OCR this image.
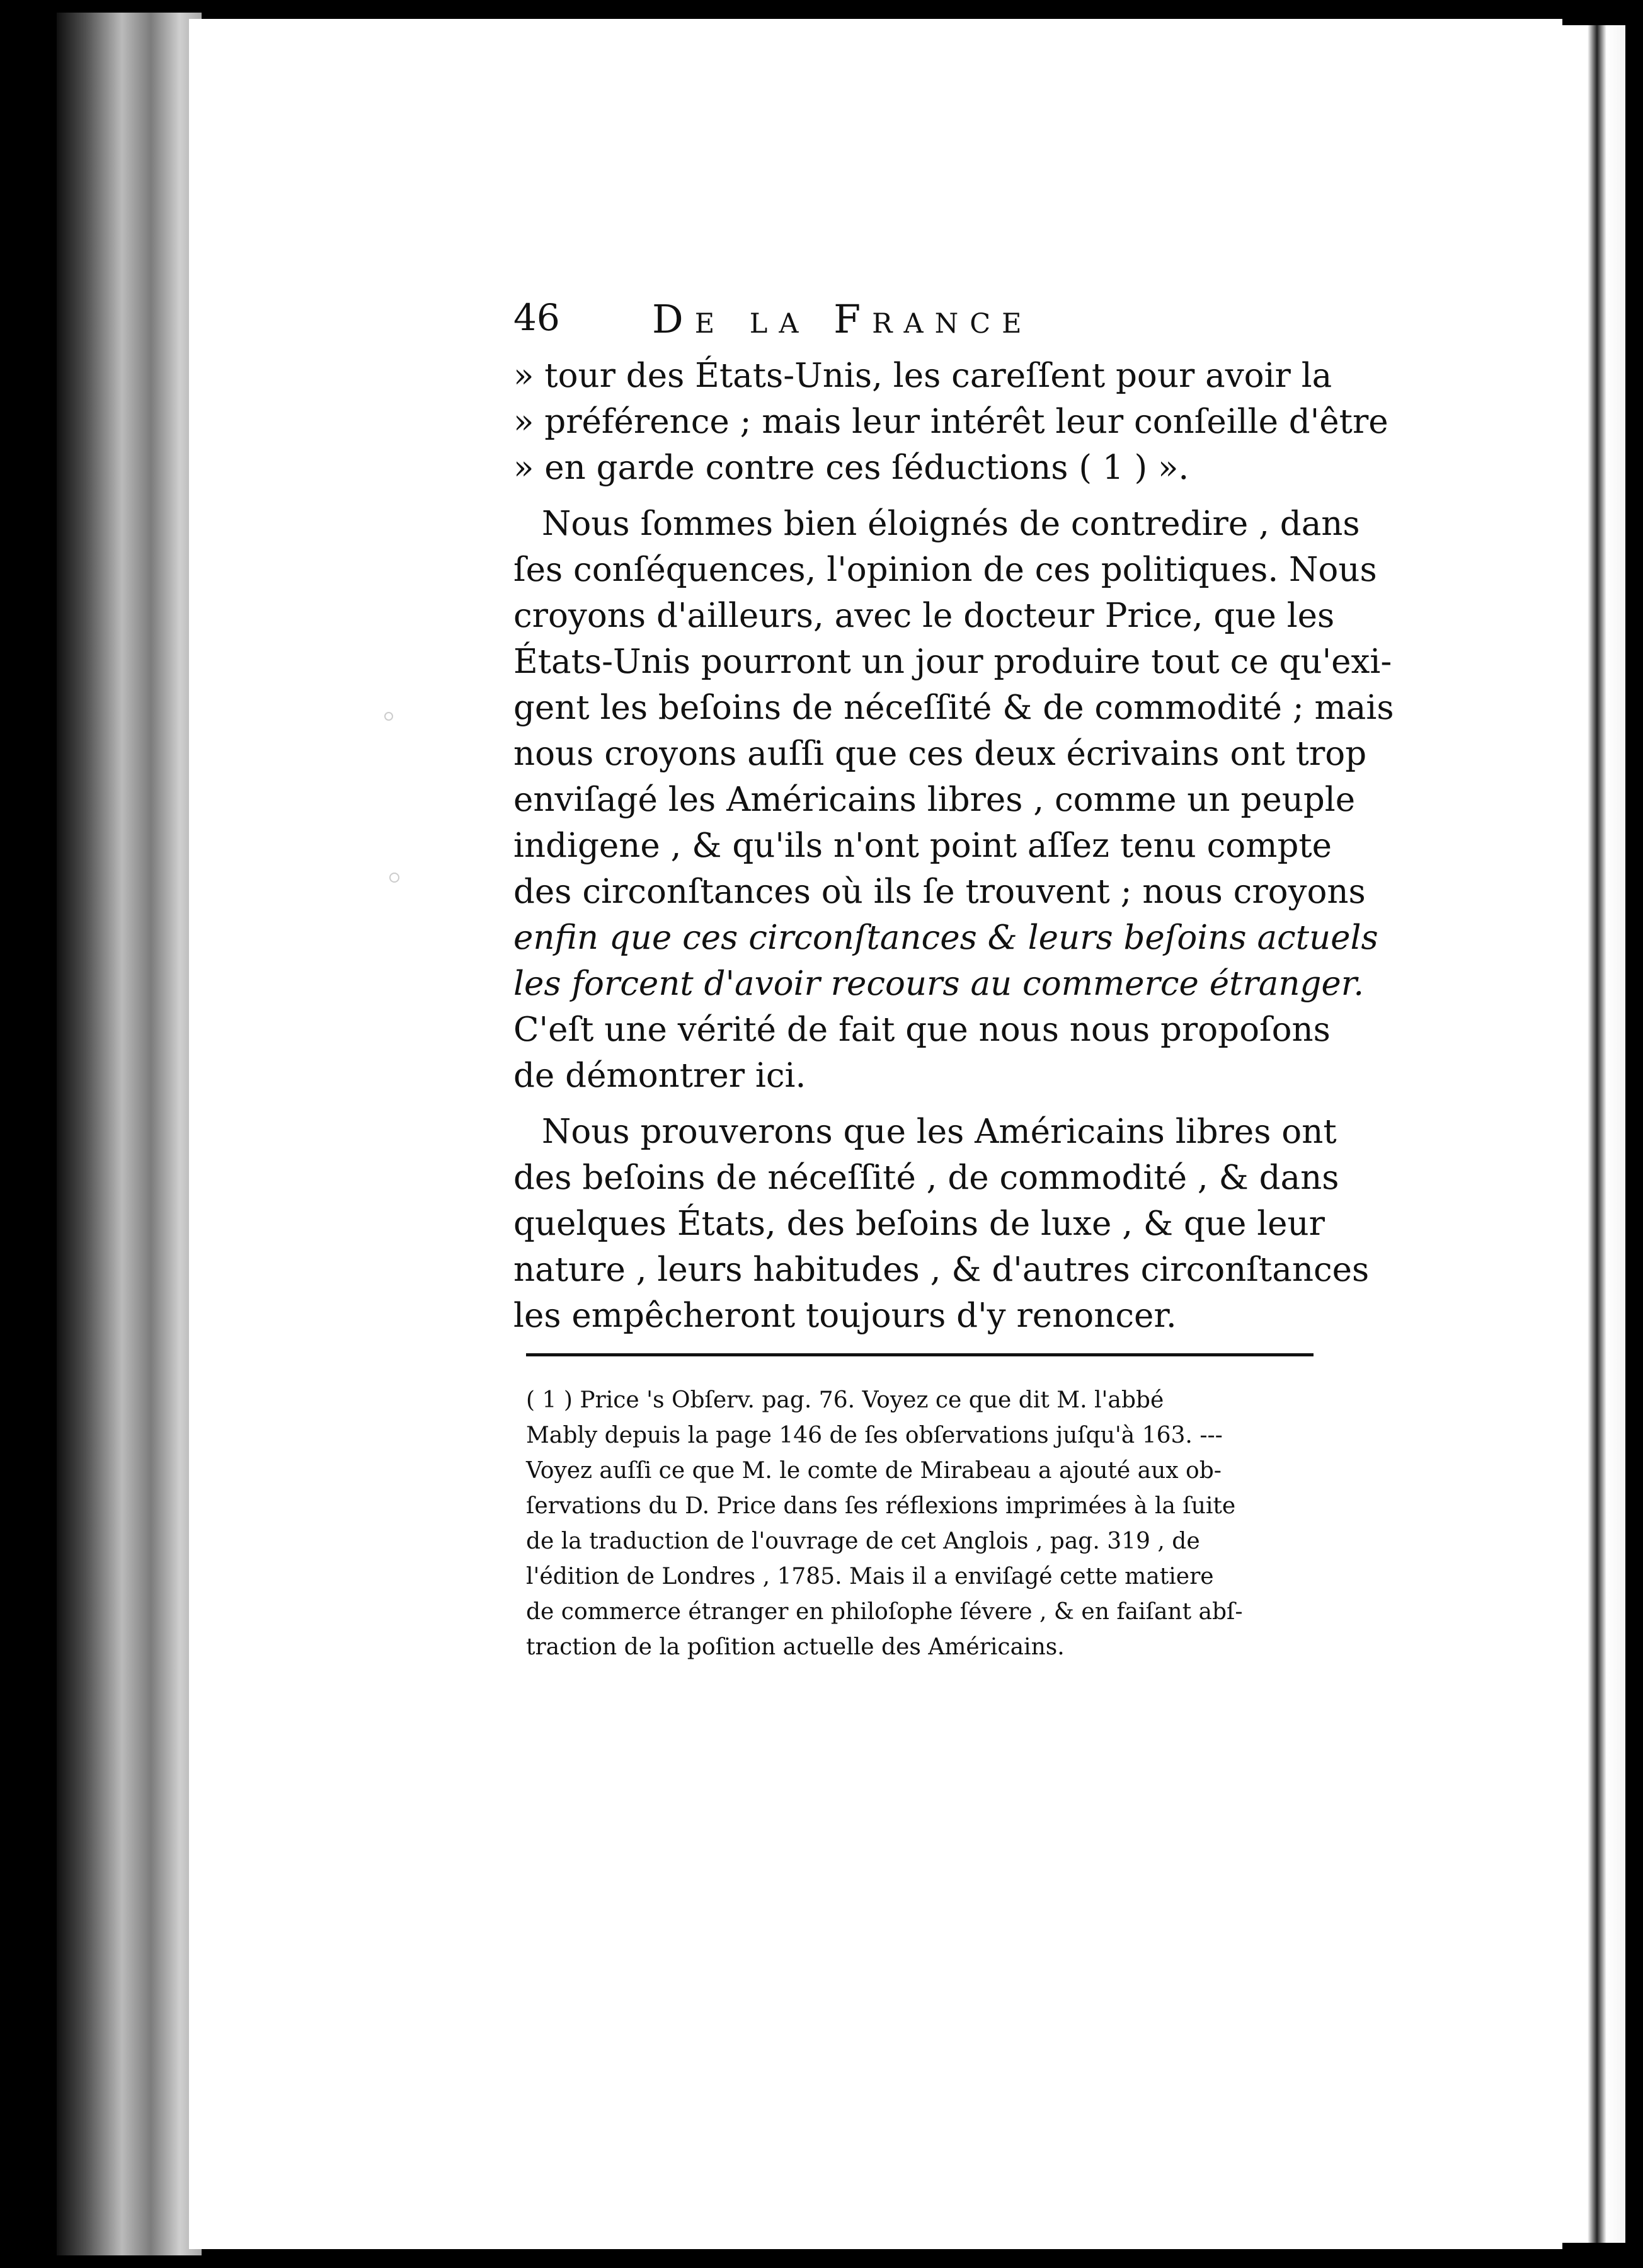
46 De la France
» tour des États-Unis, les careſſent pour avoir la
» préférence ; mais leur intérêt leur conſeille d'être
» en garde contre ces ſéductions ( 1 ) ».
Nous ſommes bien éloignés de contredire , dans
ſes conſéquences, l'opinion de ces politiques. Nous
croyons d'ailleurs, avec le docteur Price, que les
États-Unis pourront un jour produire tout ce qu'exi-
gent les beſoins de néceſſité & de commodité ; mais
nous croyons auſſi que ces deux écrivains ont trop
enviſagé les Américains libres , comme un peuple
indigene , & qu'ils n'ont point aſſez tenu compte
des circonſtances où ils ſe trouvent ; nous croyons
enfin que ces circonſtances & leurs beſoins actuels
les forcent d'avoir recours au commerce étranger.
C'eſt une vérité de fait que nous nous propoſons
de démontrer ici.
Nous prouverons que les Américains libres ont
des beſoins de néceſſité , de commodité , & dans
quelques États, des beſoins de luxe , & que leur
nature , leurs habitudes , & d'autres circonſtances
les empêcheront toujours d'y renoncer.
( 1 ) Price 's Obſerv. pag. 76. Voyez ce que dit M. l'abbé
Mably depuis la page 146 de ſes obſervations juſqu'à 163. ---
Voyez auſſi ce que M. le comte de Mirabeau a ajouté aux ob-
ſervations du D. Price dans ſes réflexions imprimées à la ſuite
de la traduction de l'ouvrage de cet Anglois , pag. 319 , de
l'édition de Londres , 1785. Mais il a enviſagé cette matiere
de commerce étranger en philoſophe ſévere , & en faiſant abſ-
traction de la poſition actuelle des Américains.
